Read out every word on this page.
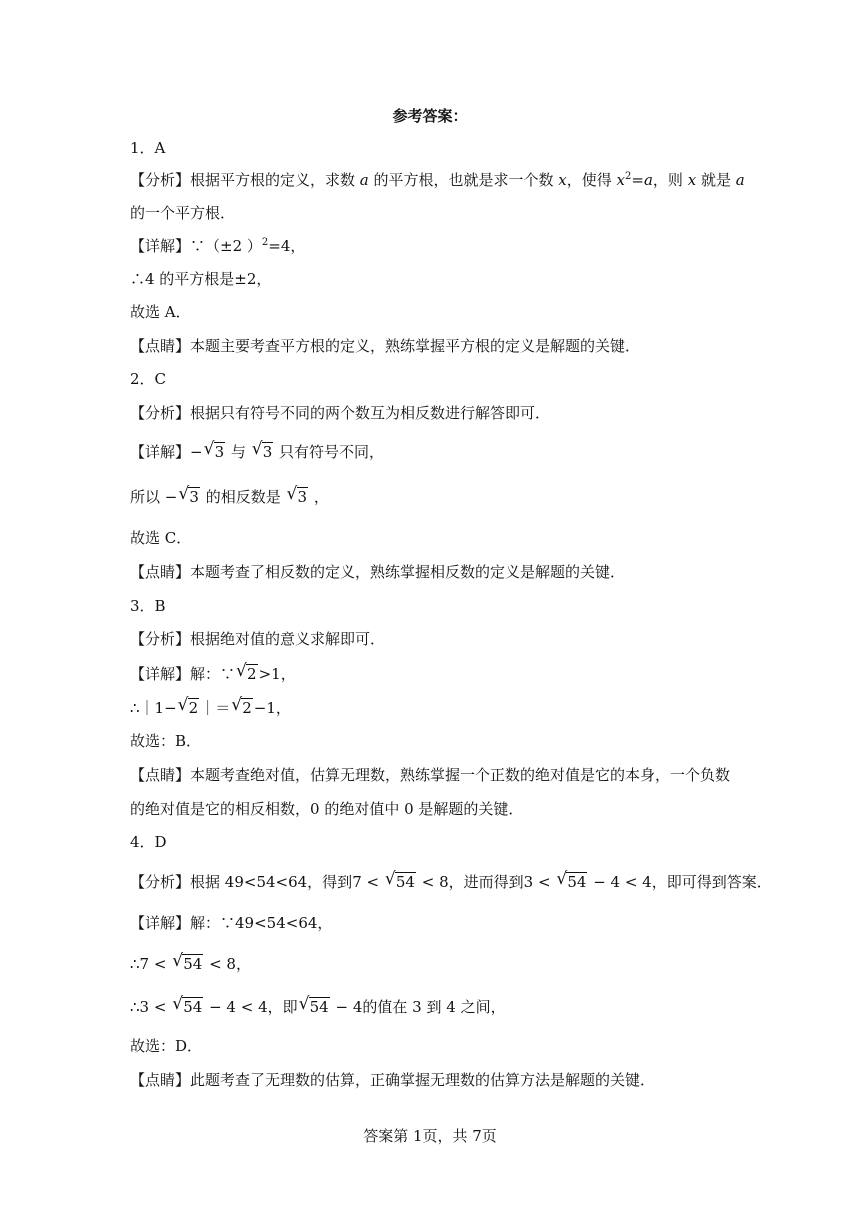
参考答案：
1．A
【分析】根据平方根的定义，求数 a 的平方根，也就是求一个数 x，使得 $x^2=a$，则 x 就是 a
的一个平方根．
【详解】∵（±2 ）$^2$=4，
∴4 的平方根是±2，
故选 A．
【点睛】本题主要考查平方根的定义，熟练掌握平方根的定义是解题的关键．
2．C
【分析】根据只有符号不同的两个数互为相反数进行解答即可．
【详解】− √ 3 与 √ 3 只有符号不同，
所以 − √ 3 的相反数是 √ 3 ，
故选 C．
【点睛】本题考查了相反数的定义，熟练掌握相反数的定义是解题的关键．
3．B
【分析】根据绝对值的意义求解即可．
【详解】解：∵ √ 2 >1，
∴｜1− √ 2 ｜＝ √ 2 −1，
故选：B．
【点睛】本题考查绝对值，估算无理数，熟练掌握一个正数的绝对值是它的本身，一个负数
的绝对值是它的相反相数，0 的绝对值中 0 是解题的关键．
4．D
【分析】根据 49<54<64，得到7 < √ 54 < 8，进而得到3 < √ 54 − 4 < 4，即可得到答案．
【详解】解：∵49<54<64，
∴7 < √ 54 < 8，
∴3 < √ 54 − 4 < 4，即 √ 54 − 4的值在 3 到 4 之间，
故选：D．
【点睛】此题考查了无理数的估算，正确掌握无理数的估算方法是解题的关键．
答案第 1页，共 7页
